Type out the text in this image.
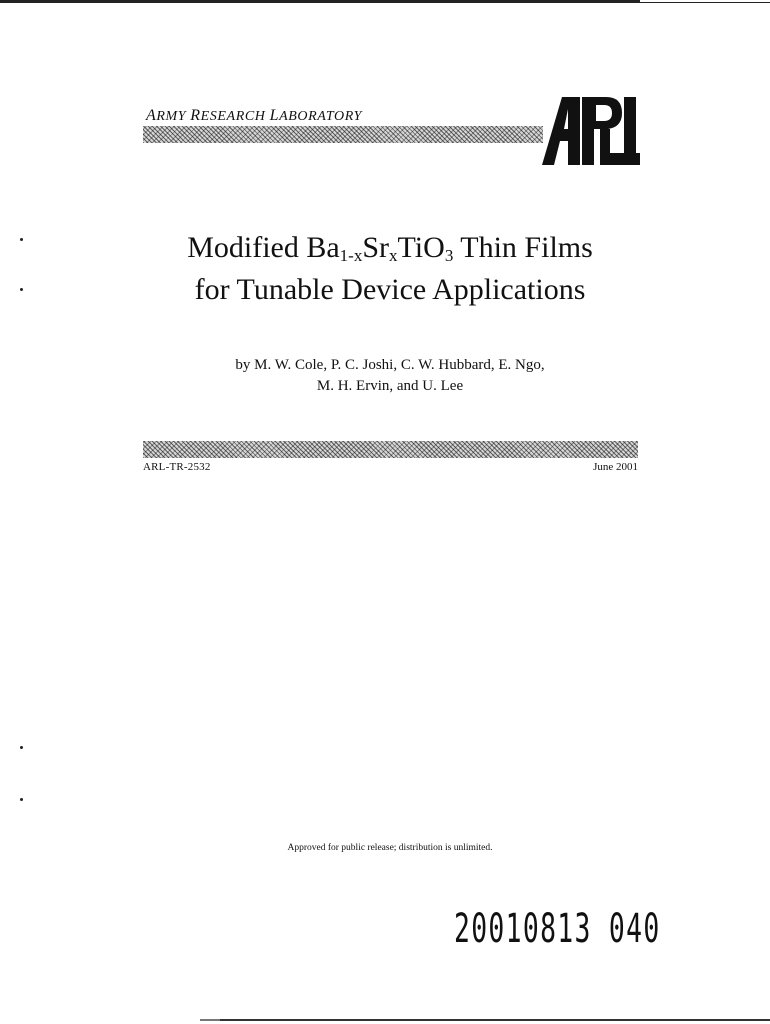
ARMY RESEARCH LABORATORY
Modified $Ba_{1-x}Sr_xTiO_3$ Thin Films
for Tunable Device Applications
by M. W. Cole, P. C. Joshi, C. W. Hubbard, E. Ngo,
M. H. Ervin, and U. Lee
ARL-TR-2532	June 2001
Approved for public release; distribution is unlimited.
20010813 040
